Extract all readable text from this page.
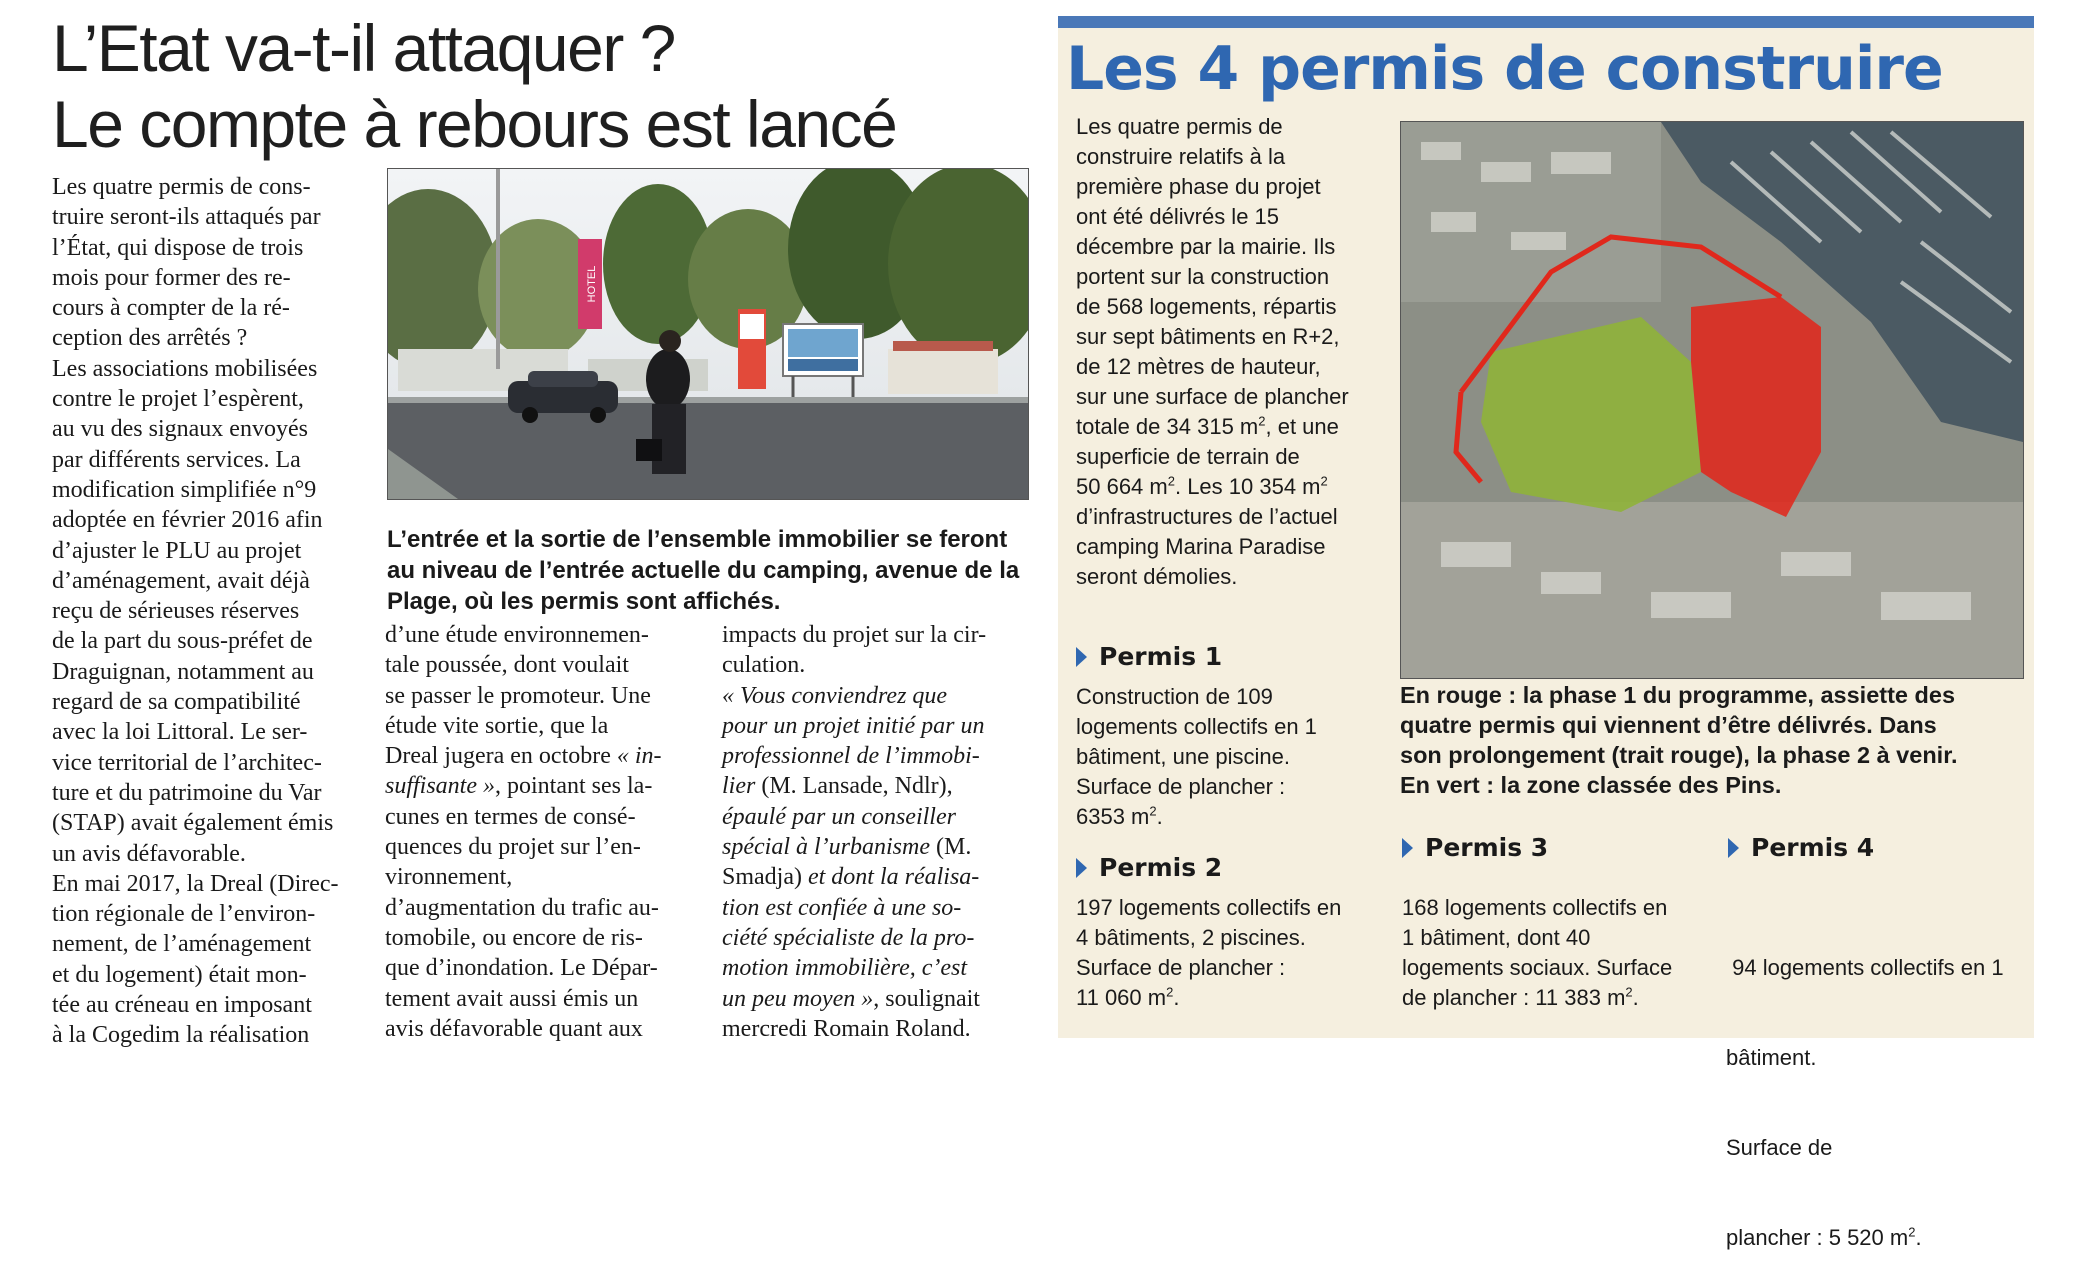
L’Etat va-t-il attaquer ?
Le compte à rebours est lancé
Les quatre permis de cons-
truire seront-ils attaqués par
l’État, qui dispose de trois
mois pour former des re-
cours à compter de la ré-
ception des arrêtés ?
Les associations mobilisées
contre le projet l’espèrent,
au vu des signaux envoyés
par différents services. La
modification simplifiée n°9
adoptée en février 2016 afin
d’ajuster le PLU au projet
d’aménagement, avait déjà
reçu de sérieuses réserves
de la part du sous-préfet de
Draguignan, notamment au
regard de sa compatibilité
avec la loi Littoral. Le ser-
vice territorial de l’architec-
ture et du patrimoine du Var
(STAP) avait également émis
un avis défavorable.
En mai 2017, la Dreal (Direc-
tion régionale de l’environ-
nement, de l’aménagement
et du logement) était mon-
tée au créneau en imposant
à la Cogedim la réalisation
HOTEL
L’entrée et la sortie de l’ensemble immobilier se feront au niveau de l’entrée actuelle du camping, avenue de la Plage, où les permis sont affichés.
d’une étude environnemen-
tale poussée, dont voulait
se passer le promoteur. Une
étude vite sortie, que la
Dreal jugera en octobre « in-
suffisante », pointant ses la-
cunes en termes de consé-
quences du projet sur l’en-
vironnement,
d’augmentation du trafic au-
tomobile, ou encore de ris-
que d’inondation. Le Dépar-
tement avait aussi émis un
avis défavorable quant aux
impacts du projet sur la cir-
culation.
« Vous conviendrez que
pour un projet initié par un
professionnel de l’immobi-
lier (M. Lansade, Ndlr),
épaulé par un conseiller
spécial à l’urbanisme (M.
Smadja) et dont la réalisa-
tion est confiée à une so-
ciété spécialiste de la pro-
motion immobilière, c’est
un peu moyen », soulignait
mercredi Romain Roland.
Les 4 permis de construire
Les quatre permis de
construire relatifs à la
première phase du projet
ont été délivrés le 15
décembre par la mairie. Ils
portent sur la construction
de 568 logements, répartis
sur sept bâtiments en R+2,
de 12 mètres de hauteur,
sur une surface de plancher
totale de 34 315 $m^2$, et une
superficie de terrain de
50 664 $m^2$. Les 10 354 $m^2$
d’infrastructures de l’actuel
camping Marina Paradise
seront démolies.
En rouge : la phase 1 du programme, assiette des
quatre permis qui viennent d’être délivrés. Dans
son prolongement (trait rouge), la phase 2 à venir.
En vert : la zone classée des Pins.
Permis 1
Construction de 109
logements collectifs en 1
bâtiment, une piscine.
Surface de plancher :
6353 $m^2$.
Permis 2
197 logements collectifs en
4 bâtiments, 2 piscines.
Surface de plancher :
11 060 $m^2$.
Permis 3
168 logements collectifs en
1 bâtiment, dont 40
logements sociaux. Surface
de plancher : 11 383 $m^2$.
Permis 4

94 logements collectifs en 1

bâtiment.

Surface de

plancher : 5 520 $m^2$.
